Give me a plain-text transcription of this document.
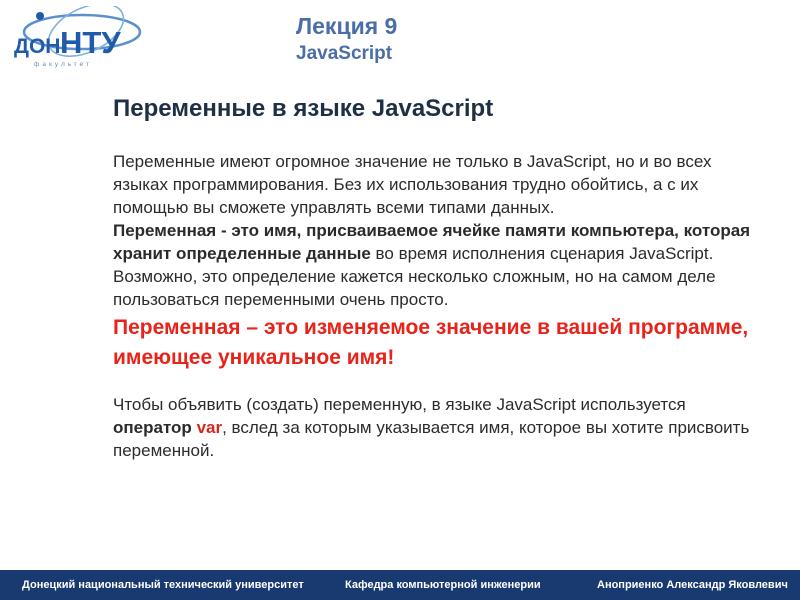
ДОН НТУ
факультет
Лекция 9
JavaScript
Переменные в языке JavaScript

Переменные имеют огромное значение не только в JavaScript, но и во всех языках программирования. Без их использования трудно обойтись, а с их помощью вы сможете управлять всеми типами данных.

Переменная - это имя, присваиваемое ячейке памяти компьютера, которая хранит определенные данные во время исполнения сценария JavaScript. Возможно, это определение кажется несколько сложным, но на самом деле пользоваться переменными очень просто.

Переменная – это изменяемое значение в вашей программе, имеющее уникальное имя!

Чтобы объявить (создать) переменную, в языке JavaScript используется

оператор var, вслед за которым указывается имя, которое вы хотите присвоить переменной.

Донецкий национальный технический университет	Кафедра компьютерной инженерии	Аноприенко Александр Яковлевич
